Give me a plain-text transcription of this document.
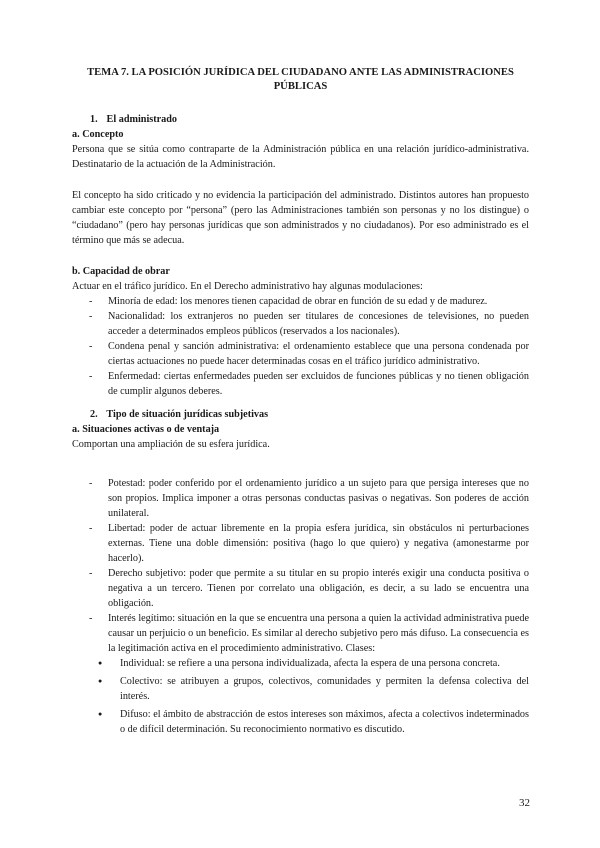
TEMA 7. LA POSICIÓN JURÍDICA DEL CIUDADANO ANTE LAS ADMINISTRACIONES PÚBLICAS
1. El administrado
a. Concepto

Persona que se sitúa como contraparte de la Administración pública en una relación jurídico-administrativa. Destinatario de la actuación de la Administración.

El concepto ha sido criticado y no evidencia la participación del administrado. Distintos autores han propuesto cambiar este concepto por “persona” (pero las Administraciones también son personas y no los distingue) o “ciudadano” (pero hay personas jurídicas que son administrados y no ciudadanos). Por eso administrado es el término que más se adecua.

b. Capacidad de obrar

Actuar en el tráfico jurídico. En el Derecho administrativo hay algunas modulaciones:

- Minoría de edad: los menores tienen capacidad de obrar en función de su edad y de madurez.
- Nacionalidad: los extranjeros no pueden ser titulares de concesiones de televisiones, no pueden acceder a determinados empleos públicos (reservados a los nacionales).
- Condena penal y sanción administrativa: el ordenamiento establece que una persona condenada por ciertas actuaciones no puede hacer determinadas cosas en el tráfico jurídico administrativo.
- Enfermedad: ciertas enfermedades pueden ser excluidos de funciones públicas y no tienen obligación de cumplir algunos deberes.
2. Tipo de situación jurídicas subjetivas
a. Situaciones activas o de ventaja

Comportan una ampliación de su esfera jurídica.

- Potestad: poder conferido por el ordenamiento jurídico a un sujeto para que persiga intereses que no son propios. Implica imponer a otras personas conductas pasivas o negativas. Son poderes de acción unilateral.
- Libertad: poder de actuar libremente en la propia esfera jurídica, sin obstáculos ni perturbaciones externas. Tiene una doble dimensión: positiva (hago lo que quiero) y negativa (amonestarme por hacerlo).
- Derecho subjetivo: poder que permite a su titular en su propio interés exigir una conducta positiva o negativa a un tercero. Tienen por correlato una obligación, es decir, a su lado se encuentra una obligación.
- Interés legítimo: situación en la que se encuentra una persona a quien la actividad administrativa puede causar un perjuicio o un beneficio. Es similar al derecho subjetivo pero más difuso. La consecuencia es la legitimación activa en el procedimiento administrativo. Clases:
● Individual: se refiere a una persona individualizada, afecta la espera de una persona concreta.
● Colectivo: se atribuyen a grupos, colectivos, comunidades y permiten la defensa colectiva del interés.
● Difuso: el ámbito de abstracción de estos intereses son máximos, afecta a colectivos indeterminados o de difícil determinación. Su reconocimiento normativo es discutido.
32
